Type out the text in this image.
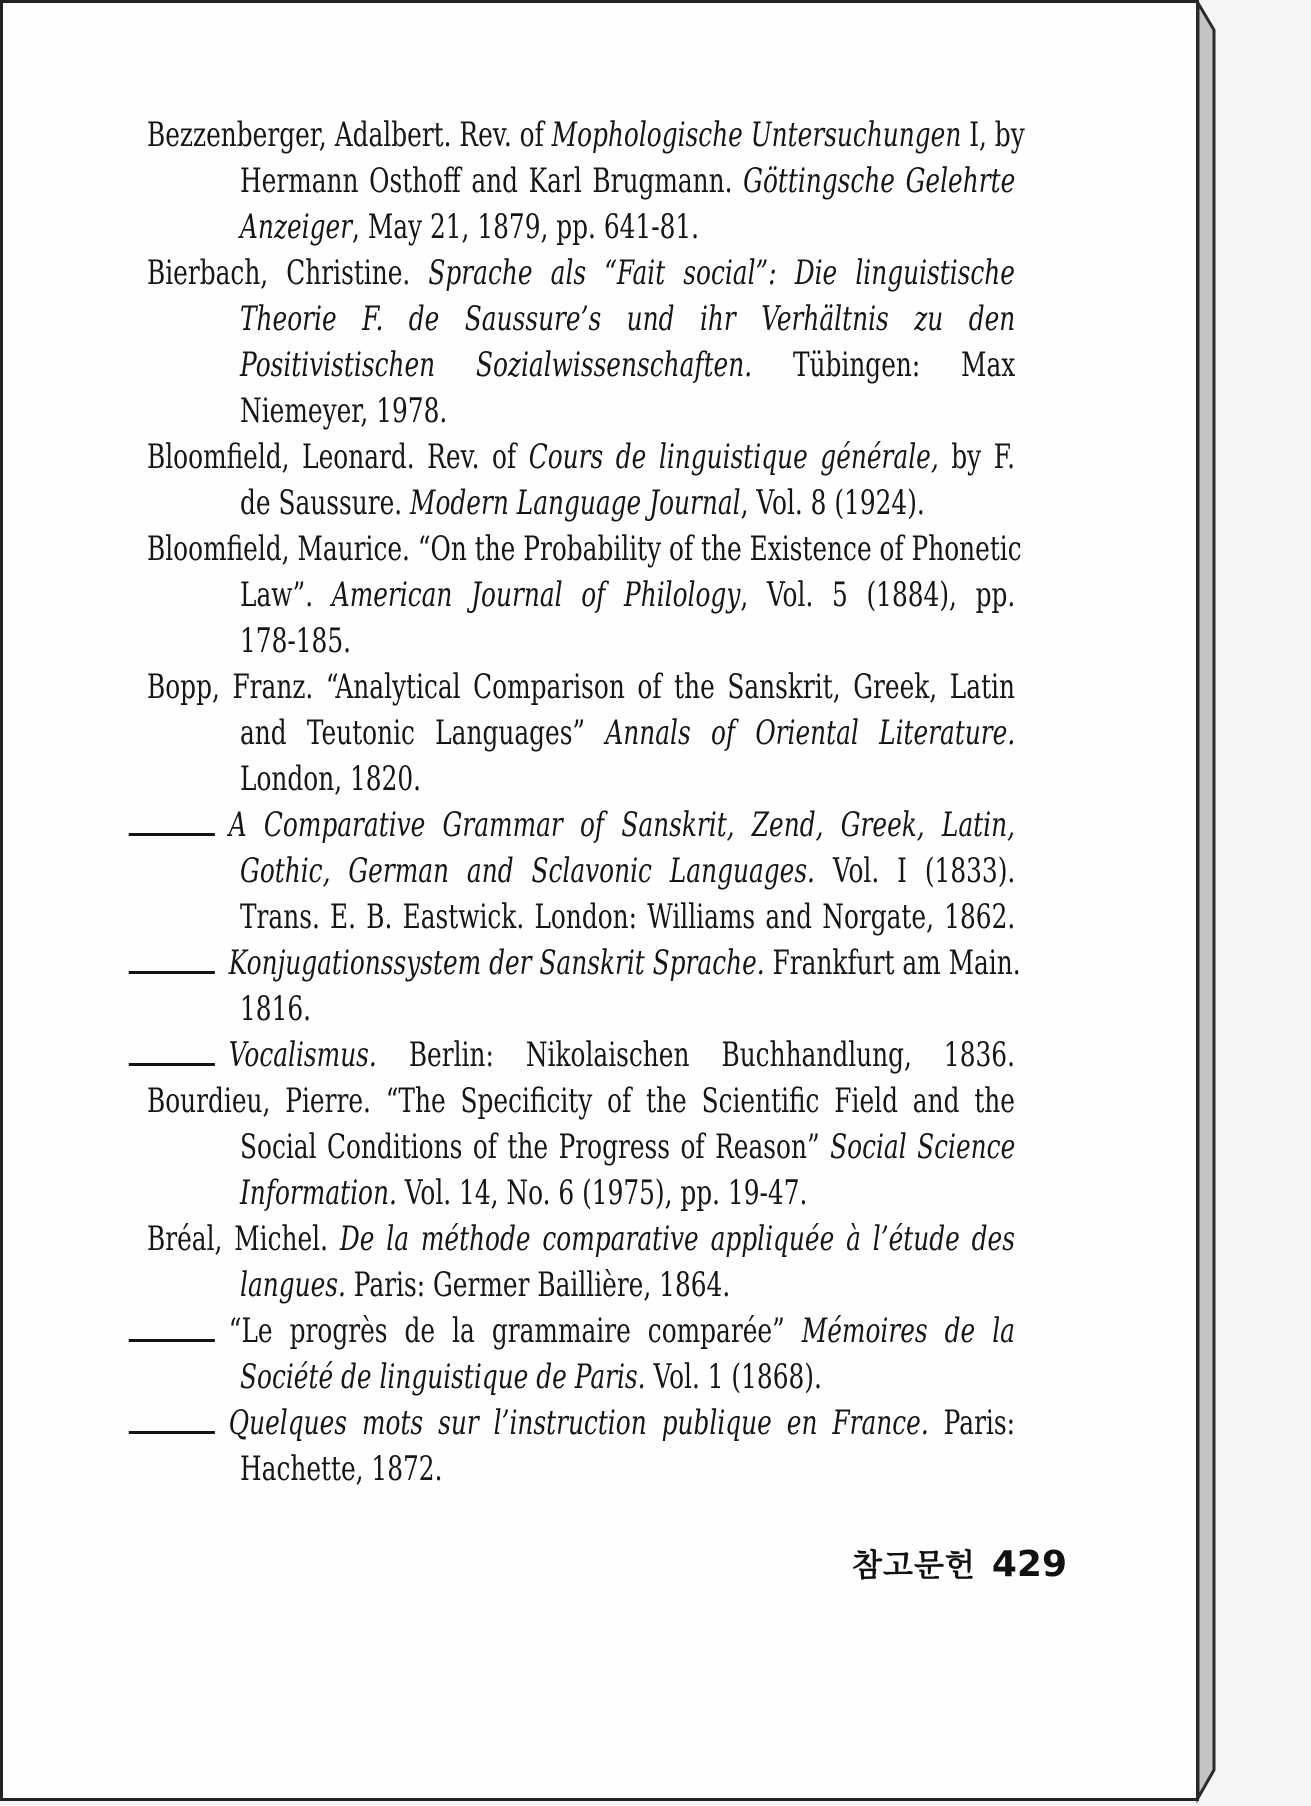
Bezzenberger, Adalbert. Rev. of Mophologische Untersuchungen I, by
Hermann Osthoff and Karl Brugmann. Göttingsche Gelehrte
Anzeiger, May 21, 1879, pp. 641-81.
Bierbach, Christine. Sprache als “Fait social”: Die linguistische
Theorie F. de Saussure’s und ihr Verhältnis zu den
Positivistischen Sozialwissenschaften. Tübingen: Max
Niemeyer, 1978.
Bloomfield, Leonard. Rev. of Cours de linguistique générale, by F.
de Saussure. Modern Language Journal, Vol. 8 (1924).
Bloomfield, Maurice. “On the Probability of the Existence of Phonetic
Law”. American Journal of Philology, Vol. 5 (1884), pp.
178-185.
Bopp, Franz. “Analytical Comparison of the Sanskrit, Greek, Latin
and Teutonic Languages” Annals of Oriental Literature.
London, 1820.
A Comparative Grammar of Sanskrit, Zend, Greek, Latin,
Gothic, German and Sclavonic Languages. Vol. I (1833).
Trans. E. B. Eastwick. London: Williams and Norgate, 1862.
Konjugationssystem der Sanskrit Sprache. Frankfurt am Main.
1816.
Vocalismus. Berlin: Nikolaischen Buchhandlung, 1836.
Bourdieu, Pierre. “The Specificity of the Scientific Field and the
Social Conditions of the Progress of Reason” Social Science
Information. Vol. 14, No. 6 (1975), pp. 19-47.
Bréal, Michel. De la méthode comparative appliquée à l’étude des
langues. Paris: Germer Baillière, 1864.
“Le progrès de la grammaire comparée” Mémoires de la
Société de linguistique de Paris. Vol. 1 (1868).
Quelques mots sur l’instruction publique en France. Paris:
Hachette, 1872.
참고문헌 429
